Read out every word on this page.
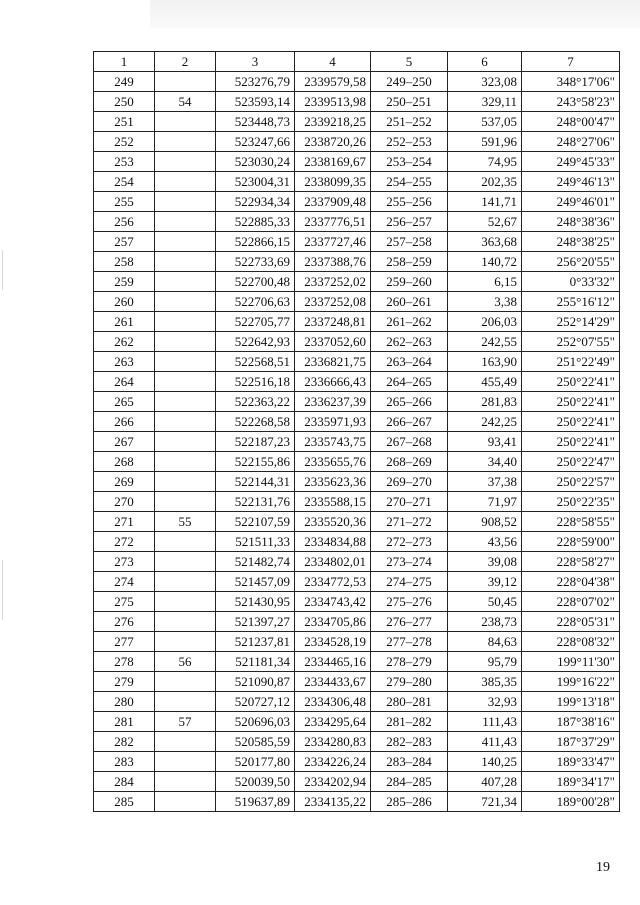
1	2	3	4	5	6	7
249		523276,79	2339579,58	249–250	323,08	348°17'06"
250	54	523593,14	2339513,98	250–251	329,11	243°58'23"
251		523448,73	2339218,25	251–252	537,05	248°00'47"
252		523247,66	2338720,26	252–253	591,96	248°27'06"
253		523030,24	2338169,67	253–254	74,95	249°45'33"
254		523004,31	2338099,35	254–255	202,35	249°46'13"
255		522934,34	2337909,48	255–256	141,71	249°46'01"
256		522885,33	2337776,51	256–257	52,67	248°38'36"
257		522866,15	2337727,46	257–258	363,68	248°38'25"
258		522733,69	2337388,76	258–259	140,72	256°20'55"
259		522700,48	2337252,02	259–260	6,15	0°33'32"
260		522706,63	2337252,08	260–261	3,38	255°16'12"
261		522705,77	2337248,81	261–262	206,03	252°14'29"
262		522642,93	2337052,60	262–263	242,55	252°07'55"
263		522568,51	2336821,75	263–264	163,90	251°22'49"
264		522516,18	2336666,43	264–265	455,49	250°22'41"
265		522363,22	2336237,39	265–266	281,83	250°22'41"
266		522268,58	2335971,93	266–267	242,25	250°22'41"
267		522187,23	2335743,75	267–268	93,41	250°22'41"
268		522155,86	2335655,76	268–269	34,40	250°22'47"
269		522144,31	2335623,36	269–270	37,38	250°22'57"
270		522131,76	2335588,15	270–271	71,97	250°22'35"
271	55	522107,59	2335520,36	271–272	908,52	228°58'55"
272		521511,33	2334834,88	272–273	43,56	228°59'00"
273		521482,74	2334802,01	273–274	39,08	228°58'27"
274		521457,09	2334772,53	274–275	39,12	228°04'38"
275		521430,95	2334743,42	275–276	50,45	228°07'02"
276		521397,27	2334705,86	276–277	238,73	228°05'31"
277		521237,81	2334528,19	277–278	84,63	228°08'32"
278	56	521181,34	2334465,16	278–279	95,79	199°11'30"
279		521090,87	2334433,67	279–280	385,35	199°16'22"
280		520727,12	2334306,48	280–281	32,93	199°13'18"
281	57	520696,03	2334295,64	281–282	111,43	187°38'16"
282		520585,59	2334280,83	282–283	411,43	187°37'29"
283		520177,80	2334226,24	283–284	140,25	189°33'47"
284		520039,50	2334202,94	284–285	407,28	189°34'17"
285		519637,89	2334135,22	285–286	721,34	189°00'28"
19
